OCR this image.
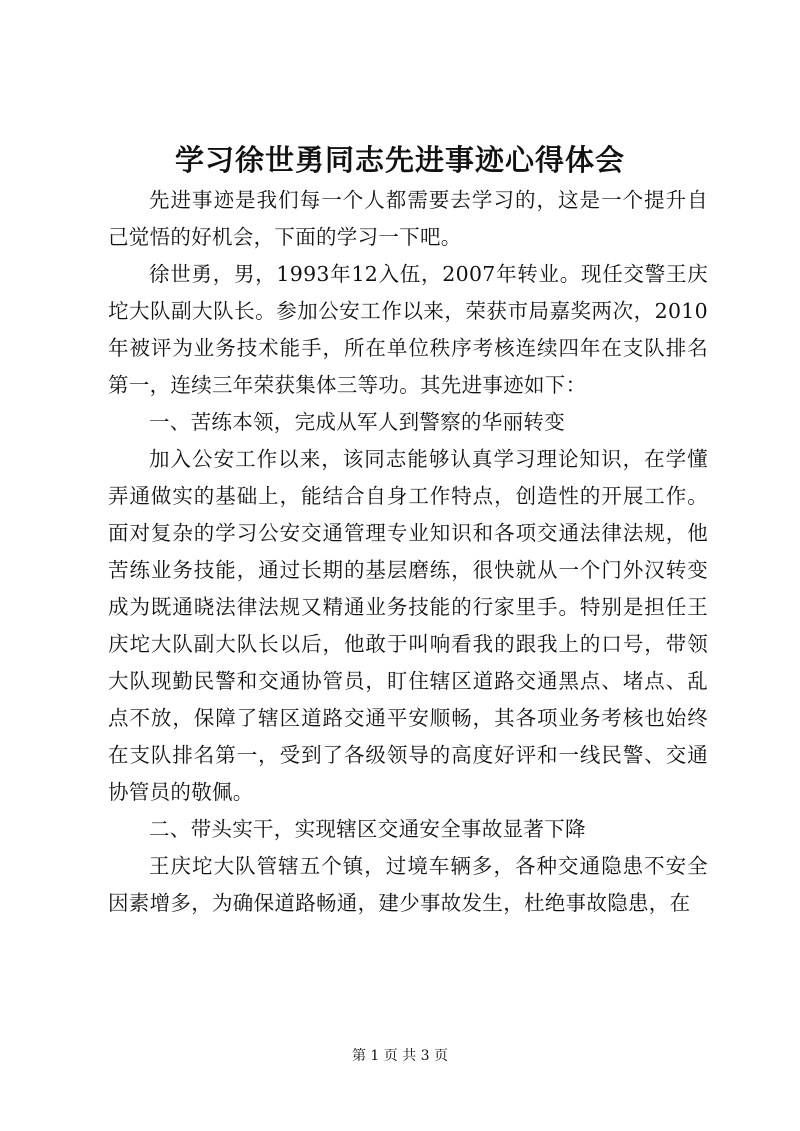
学习徐世勇同志先进事迹心得体会

先进事迹是我们每一个人都需要去学习的，这是一个提升自己觉悟的好机会，下面的学习一下吧。

徐世勇，男，1993年12入伍，2007年转业。现任交警王庆坨大队副大队长。参加公安工作以来，荣获市局嘉奖两次，2010年被评为业务技术能手，所在单位秩序考核连续四年在支队排名第一，连续三年荣获集体三等功。其先进事迹如下：

一、苦练本领，完成从军人到警察的华丽转变

加入公安工作以来，该同志能够认真学习理论知识，在学懂弄通做实的基础上，能结合自身工作特点，创造性的开展工作。面对复杂的学习公安交通管理专业知识和各项交通法律法规，他苦练业务技能，通过长期的基层磨练，很快就从一个门外汉转变成为既通晓法律法规又精通业务技能的行家里手。特别是担任王庆坨大队副大队长以后，他敢于叫响看我的跟我上的口号，带领大队现勤民警和交通协管员，盯住辖区道路交通黑点、堵点、乱点不放，保障了辖区道路交通平安顺畅，其各项业务考核也始终在支队排名第一，受到了各级领导的高度好评和一线民警、交通协管员的敬佩。

二、带头实干，实现辖区交通安全事故显著下降

王庆坨大队管辖五个镇，过境车辆多，各种交通隐患不安全因素增多，为确保道路畅通，建少事故发生，杜绝事故隐患，在

第 1 页 共 3 页
